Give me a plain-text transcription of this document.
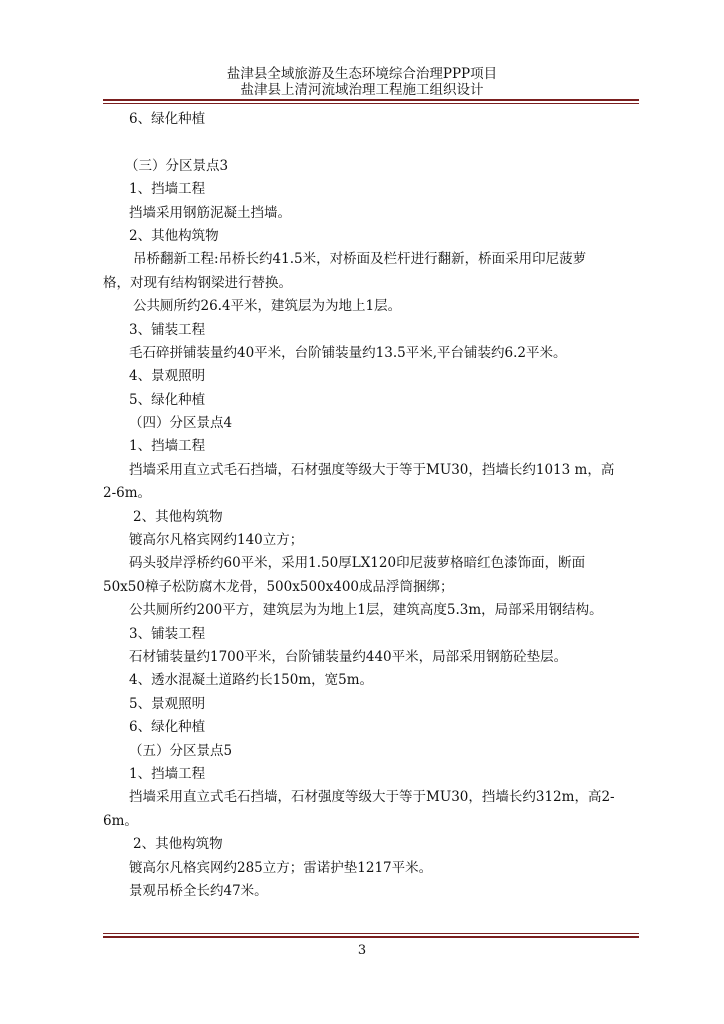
盐津县全域旅游及生态环境综合治理PPP项目
盐津县上清河流域治理工程施工组织设计
6、绿化种植
（三）分区景点3
1、挡墙工程
挡墙采用钢筋泥凝土挡墙。
2、其他构筑物
吊桥翻新工程:吊桥长约41.5米，对桥面及栏杆进行翻新，桥面采用印尼菠萝
格，对现有结构钢梁进行替换。
公共厕所约26.4平米，建筑层为为地上1层。
3、铺装工程
毛石碎拼铺装量约40平米，台阶铺装量约13.5平米,平台铺装约6.2平米。
4、景观照明
5、绿化种植
（四）分区景点4
1、挡墙工程
挡墙采用直立式毛石挡墙，石材强度等级大于等于MU30，挡墙长约1013 m，高
2-6m。
2、其他构筑物
镀高尔凡格宾网约140立方；
码头驳岸浮桥约60平米，采用1.50厚LX120印尼菠萝格暗红色漆饰面，断面
50x50樟子松防腐木龙骨，500x500x400成品浮筒捆绑；
公共厕所约200平方，建筑层为为地上1层，建筑高度5.3m，局部采用钢结构。
3、铺装工程
石材铺装量约1700平米，台阶铺装量约440平米，局部采用钢筋砼垫层。
4、透水混凝土道路约长150m，宽5m。
5、景观照明
6、绿化种植
（五）分区景点5
1、挡墙工程
挡墙采用直立式毛石挡墙，石材强度等级大于等于MU30，挡墙长约312m，高2-
6m。
2、其他构筑物
镀高尔凡格宾网约285立方；雷诺护垫1217平米。
景观吊桥全长约47米。
3
